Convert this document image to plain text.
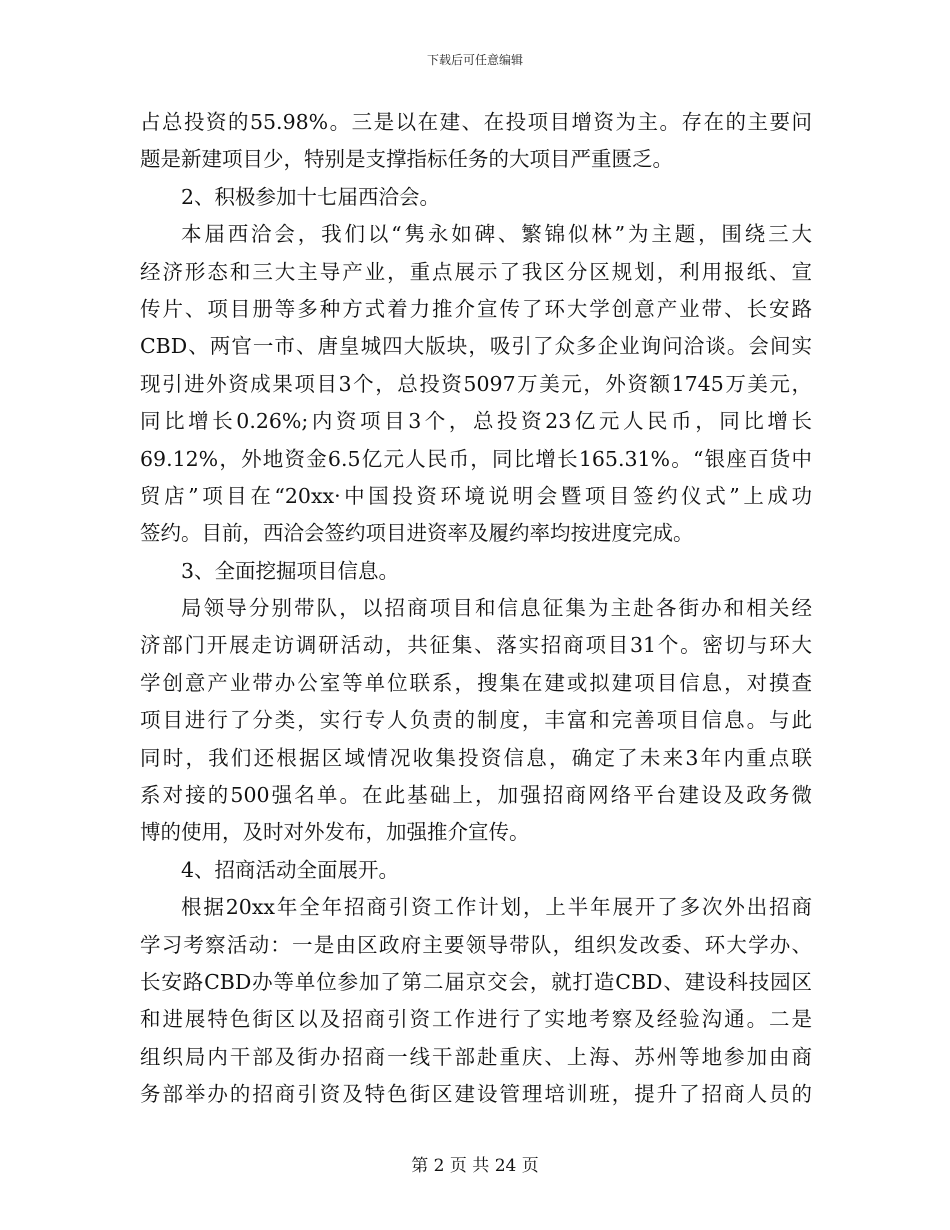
下载后可任意编辑
占总投资的55.98%。三是以在建、在投项目增资为主。存在的主要问
题是新建项目少，特别是支撑指标任务的大项目严重匮乏。
2、积极参加十七届西洽会。
本届西洽会，我们以“隽永如碑、繁锦似林”为主题，围绕三大
经济形态和三大主导产业，重点展示了我区分区规划，利用报纸、宣
传片、项目册等多种方式着力推介宣传了环大学创意产业带、长安路
CBD、两官一市、唐皇城四大版块，吸引了众多企业询问洽谈。会间实
现引进外资成果项目3个，总投资5097万美元，外资额1745万美元，
同比增长0.26%;内资项目3个，总投资23亿元人民币，同比增长
69.12%，外地资金6.5亿元人民币，同比增长165.31%。“银座百货中
贸店”项目在“20xx·中国投资环境说明会暨项目签约仪式”上成功
签约。目前，西洽会签约项目进资率及履约率均按进度完成。
3、全面挖掘项目信息。
局领导分别带队，以招商项目和信息征集为主赴各街办和相关经
济部门开展走访调研活动，共征集、落实招商项目31个。密切与环大
学创意产业带办公室等单位联系，搜集在建或拟建项目信息，对摸查
项目进行了分类，实行专人负责的制度，丰富和完善项目信息。与此
同时，我们还根据区域情况收集投资信息，确定了未来3年内重点联
系对接的500强名单。在此基础上，加强招商网络平台建设及政务微
博的使用，及时对外发布，加强推介宣传。
4、招商活动全面展开。
根据20xx年全年招商引资工作计划，上半年展开了多次外出招商
学习考察活动：一是由区政府主要领导带队，组织发改委、环大学办、
长安路CBD办等单位参加了第二届京交会，就打造CBD、建设科技园区
和进展特色街区以及招商引资工作进行了实地考察及经验沟通。二是
组织局内干部及街办招商一线干部赴重庆、上海、苏州等地参加由商
务部举办的招商引资及特色街区建设管理培训班，提升了招商人员的
第 2 页 共 24 页
